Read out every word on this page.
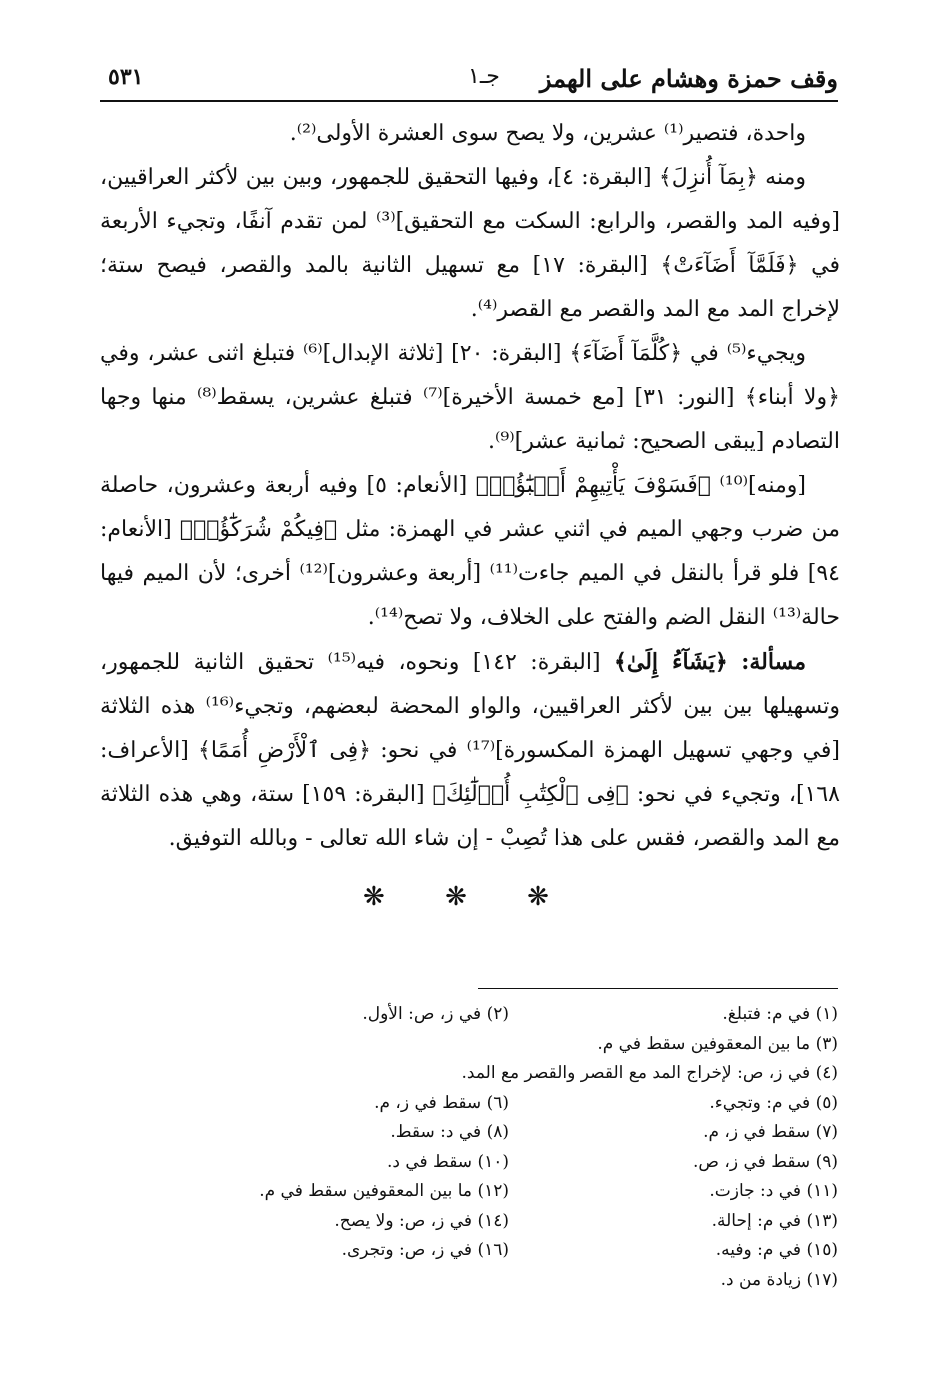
وقف حمزة وهشام على الهمز
جـ١
٥٣١

واحدة، فتصير⁽¹⁾ عشرين، ولا يصح سوى العشرة الأولى⁽²⁾.

ومنه ﴿بِمَآ أُنزِلَ﴾ [البقرة: ٤]، وفيها التحقيق للجمهور، وبين بين لأكثر العراقيين، [وفيه المد والقصر، والرابع: السكت مع التحقيق]⁽³⁾ لمن تقدم آنفًا، وتجيء الأربعة في ﴿فَلَمَّآ أَضَآءَتْ﴾ [البقرة: ١٧] مع تسهيل الثانية بالمد والقصر، فيصح ستة؛ لإخراج المد مع المد والقصر مع القصر⁽⁴⁾.

ويجيء⁽⁵⁾ في ﴿كُلَّمَآ أَضَآءَ﴾ [البقرة: ٢٠] [ثلاثة الإبدال]⁽⁶⁾ فتبلغ اثنى عشر، وفي ﴿ولا أبناء﴾ [النور: ٣١] [مع خمسة الأخيرة]⁽⁷⁾ فتبلغ عشرين، يسقط⁽⁸⁾ منها وجها التصادم [يبقى الصحيح: ثمانية عشر]⁽⁹⁾.

[ومنه]⁽¹⁰⁾ ﴿فَسَوْفَ يَأْتِيهِمْ أَنۢبَٰٓؤُا۟﴾ [الأنعام: ٥] وفيه أربعة وعشرون، حاصلة من ضرب وجهي الميم في اثني عشر في الهمزة: مثل ﴿فِيكُمْ شُرَكَٰٓؤُا۟﴾ [الأنعام: ٩٤] فلو قرأ بالنقل في الميم جاءت⁽¹¹⁾ [أربعة وعشرون]⁽¹²⁾ أخرى؛ لأن الميم فيها حالة⁽¹³⁾ النقل الضم والفتح على الخلاف، ولا تصح⁽¹⁴⁾.

مسألة: ﴿يَشَآءُ إِلَىٰ﴾ [البقرة: ١٤٢] ونحوه، فيه⁽¹⁵⁾ تحقيق الثانية للجمهور، وتسهيلها بين بين لأكثر العراقيين، والواو المحضة لبعضهم، وتجيء⁽¹⁶⁾ هذه الثلاثة [في وجهي تسهيل الهمزة المكسورة]⁽¹⁷⁾ في نحو: ﴿فِى ٱلْأَرْضِ أُمَمًا﴾ [الأعراف: ١٦٨]، وتجيء في نحو: ﴿فِى ٱلْكِتَٰبِ أُو۟لَٰٓئِكَ﴾ [البقرة: ١٥٩] ستة، وهي هذه الثلاثة مع المد والقصر، فقس على هذا تُصِبْ - إن شاء الله تعالى - وبالله التوفيق.

❋ ❋ ❋
(١) في م: فتبلغ.
(٢) في ز، ص: الأول.
(٣) ما بين المعقوفين سقط في م.
(٤) في ز، ص: لإخراج المد مع القصر والقصر مع المد.
(٥) في م: وتجيء.
(٦) سقط في ز، م.
(٧) سقط في ز، م.
(٨) في د: سقط.
(٩) سقط في ز، ص.
(١٠) سقط في د.
(١١) في د: جازت.
(١٢) ما بين المعقوفين سقط في م.
(١٣) في م: إحالة.
(١٤) في ز، ص: ولا يصح.
(١٥) في م: وفيه.
(١٦) في ز، ص: وتجرى.
(١٧) زيادة من د.
